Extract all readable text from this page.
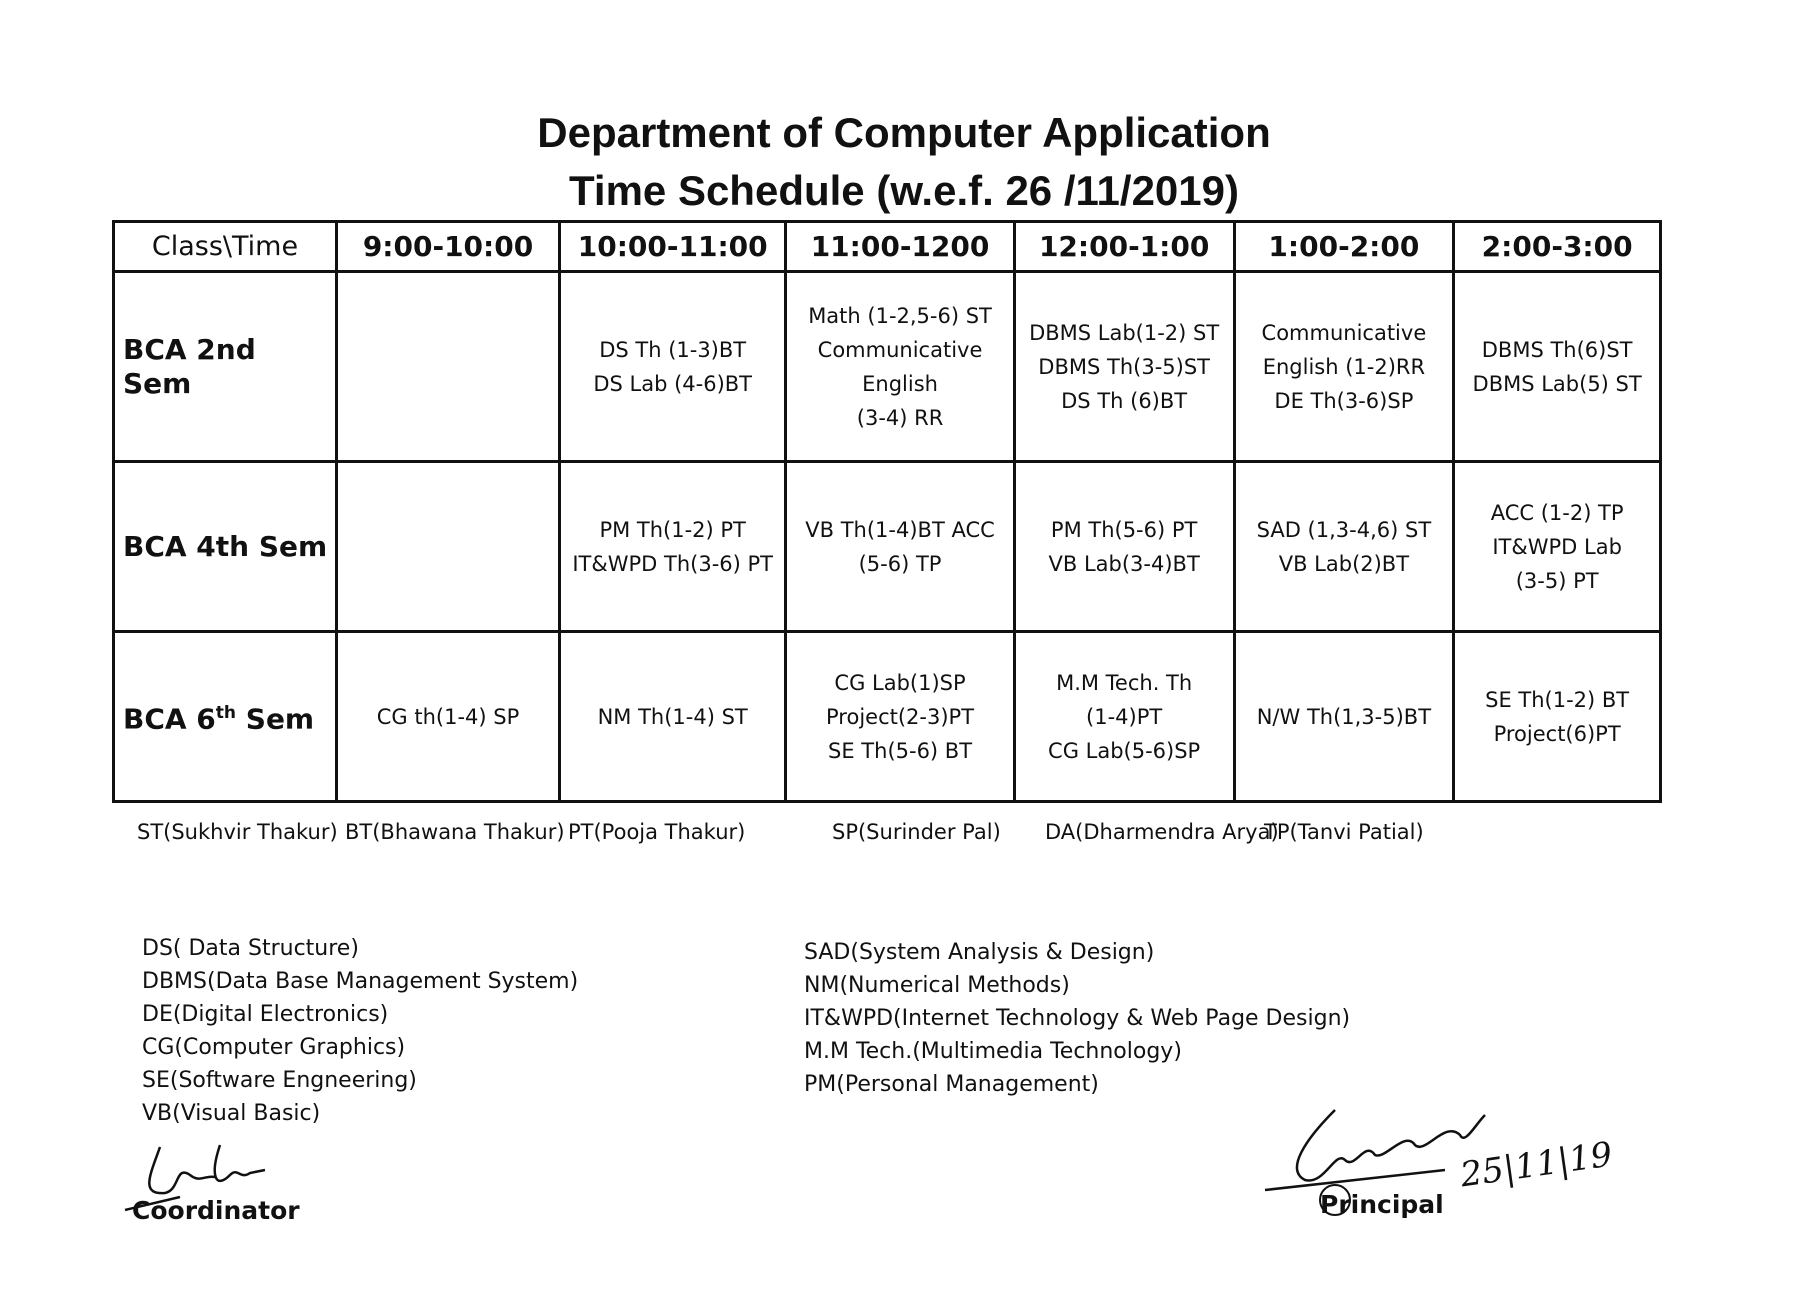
Department of Computer Application
Time Schedule (w.e.f. 26 /11/2019)
Class\Time	9:00-10:00	10:00-11:00	11:00-1200	12:00-1:00	1:00-2:00	2:00-3:00
BCA 2nd Sem		DS Th (1-3)BT
DS Lab (4-6)BT	Math (1-2,5-6) ST
Communicative
English
(3-4) RR	DBMS Lab(1-2) ST
DBMS Th(3-5)ST
DS Th (6)BT	Communicative
English (1-2)RR
DE Th(3-6)SP	DBMS Th(6)ST
DBMS Lab(5) ST

BCA 4th Sem		PM Th(1-2) PT
IT&WPD Th(3-6) PT	VB Th(1-4)BT ACC
(5-6) TP	PM Th(5-6) PT
VB Lab(3-4)BT	SAD (1,3-4,6) ST
VB Lab(2)BT	ACC (1-2) TP
IT&WPD Lab
(3-5) PT

BCA 6th Sem	CG th(1-4) SP	NM Th(1-4) ST	CG Lab(1)SP
Project(2-3)PT
SE Th(5-6) BT	M.M Tech. Th
(1-4)PT
CG Lab(5-6)SP	N/W Th(1,3-5)BT	SE Th(1-2) BT
Project(6)PT
ST(Sukhvir Thakur) BT(Bhawana Thakur) PT(Pooja Thakur)	SP(Surinder Pal) DA(Dharmendra Arya)
TP(Tanvi Patial)
DS( Data Structure)
DBMS(Data Base Management System)
DE(Digital Electronics)
CG(Computer Graphics)
SE(Software Engneering)
VB(Visual Basic)
SAD(System Analysis & Design)
NM(Numerical Methods)
IT&WPD(Internet Technology & Web Page Design)
M.M Tech.(Multimedia Technology)
PM(Personal Management)
Coordinator	Principal
25|11|19
